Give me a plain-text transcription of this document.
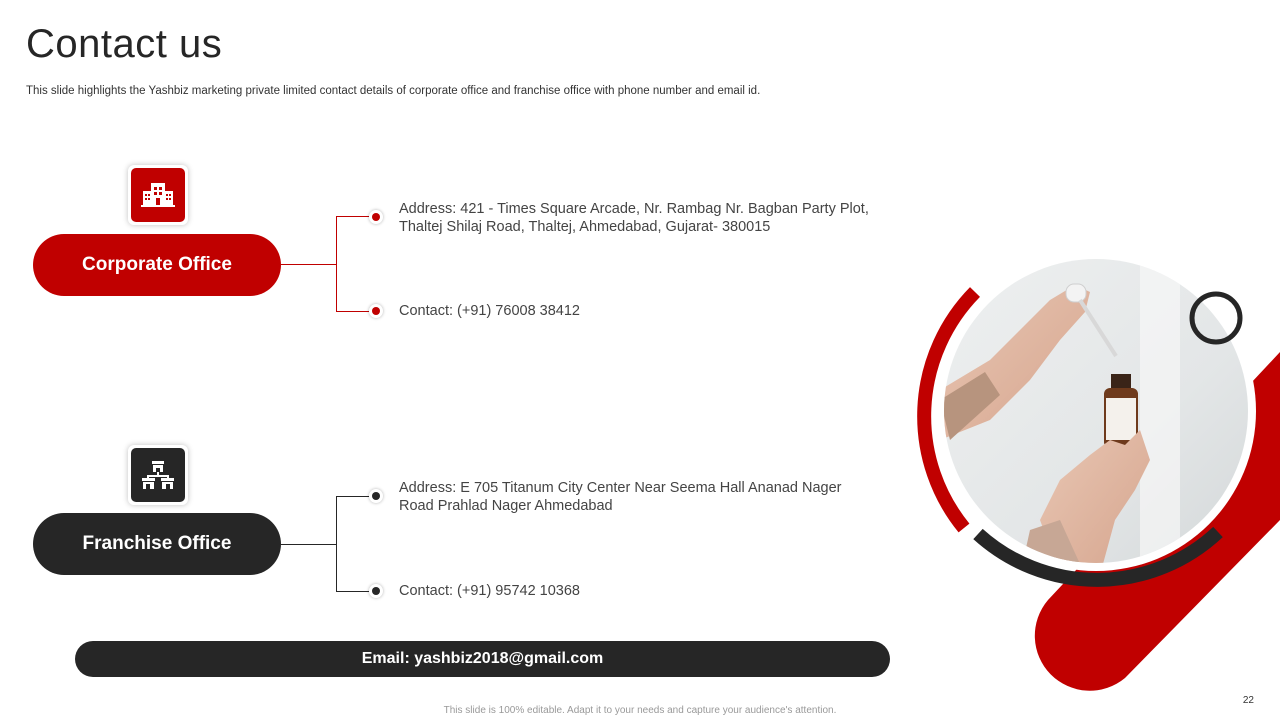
Contact us
This slide highlights the Yashbiz marketing private limited contact details of corporate office and franchise office with phone number and email id.
Corporate Office
Address: 421 - Times Square Arcade, Nr. Rambag Nr. Bagban Party Plot,
Thaltej Shilaj Road, Thaltej, Ahmedabad, Gujarat- 380015
Contact: (+91) 76008 38412
Franchise Office
Address: E 705 Titanum City Center Near Seema Hall Ananad Nager
Road Prahlad Nager Ahmedabad
Contact: (+91) 95742 10368
Email: yashbiz2018@gmail.com
This slide is 100% editable. Adapt it to your needs and capture your audience's attention.
22
